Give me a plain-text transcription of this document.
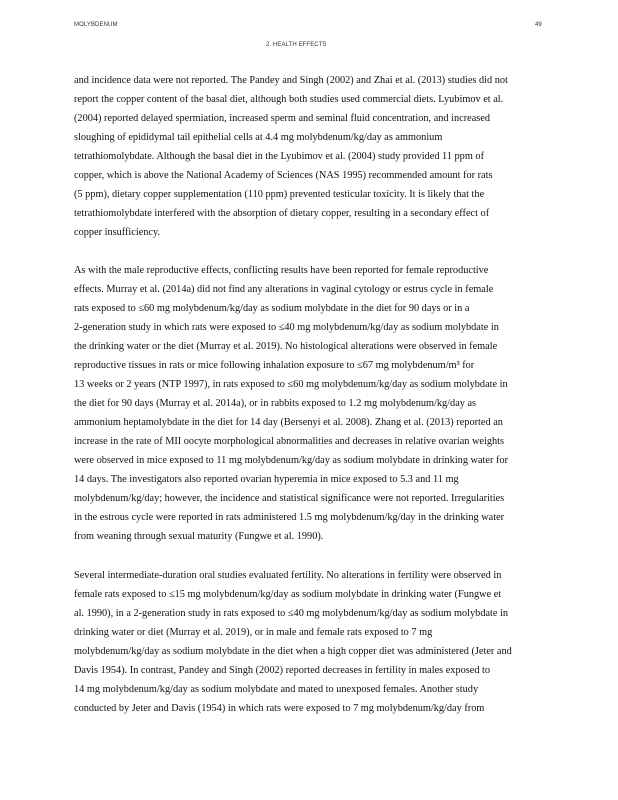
MOLYBDENUM	49
2. HEALTH EFFECTS
and incidence data were not reported. The Pandey and Singh (2002) and Zhai et al. (2013) studies did not
report the copper content of the basal diet, although both studies used commercial diets. Lyubimov et al.
(2004) reported delayed spermiation, increased sperm and seminal fluid concentration, and increased
sloughing of epididymal tail epithelial cells at 4.4 mg molybdenum/kg/day as ammonium
tetrathiomolybdate. Although the basal diet in the Lyubimov et al. (2004) study provided 11 ppm of
copper, which is above the National Academy of Sciences (NAS 1995) recommended amount for rats
(5 ppm), dietary copper supplementation (110 ppm) prevented testicular toxicity. It is likely that the
tetrathiomolybdate interfered with the absorption of dietary copper, resulting in a secondary effect of
copper insufficiency.
As with the male reproductive effects, conflicting results have been reported for female reproductive
effects. Murray et al. (2014a) did not find any alterations in vaginal cytology or estrus cycle in female
rats exposed to ≤60 mg molybdenum/kg/day as sodium molybdate in the diet for 90 days or in a
2-generation study in which rats were exposed to ≤40 mg molybdenum/kg/day as sodium molybdate in
the drinking water or the diet (Murray et al. 2019). No histological alterations were observed in female
reproductive tissues in rats or mice following inhalation exposure to ≤67 mg molybdenum/m³ for
13 weeks or 2 years (NTP 1997), in rats exposed to ≤60 mg molybdenum/kg/day as sodium molybdate in
the diet for 90 days (Murray et al. 2014a), or in rabbits exposed to 1.2 mg molybdenum/kg/day as
ammonium heptamolybdate in the diet for 14 day (Bersenyi et al. 2008). Zhang et al. (2013) reported an
increase in the rate of MII oocyte morphological abnormalities and decreases in relative ovarian weights
were observed in mice exposed to 11 mg molybdenum/kg/day as sodium molybdate in drinking water for
14 days. The investigators also reported ovarian hyperemia in mice exposed to 5.3 and 11 mg
molybdenum/kg/day; however, the incidence and statistical significance were not reported. Irregularities
in the estrous cycle were reported in rats administered 1.5 mg molybdenum/kg/day in the drinking water
from weaning through sexual maturity (Fungwe et al. 1990).
Several intermediate-duration oral studies evaluated fertility. No alterations in fertility were observed in
female rats exposed to ≤15 mg molybdenum/kg/day as sodium molybdate in drinking water (Fungwe et
al. 1990), in a 2-generation study in rats exposed to ≤40 mg molybdenum/kg/day as sodium molybdate in
drinking water or diet (Murray et al. 2019), or in male and female rats exposed to 7 mg
molybdenum/kg/day as sodium molybdate in the diet when a high copper diet was administered (Jeter and
Davis 1954). In contrast, Pandey and Singh (2002) reported decreases in fertility in males exposed to
14 mg molybdenum/kg/day as sodium molybdate and mated to unexposed females. Another study
conducted by Jeter and Davis (1954) in which rats were exposed to 7 mg molybdenum/kg/day from
